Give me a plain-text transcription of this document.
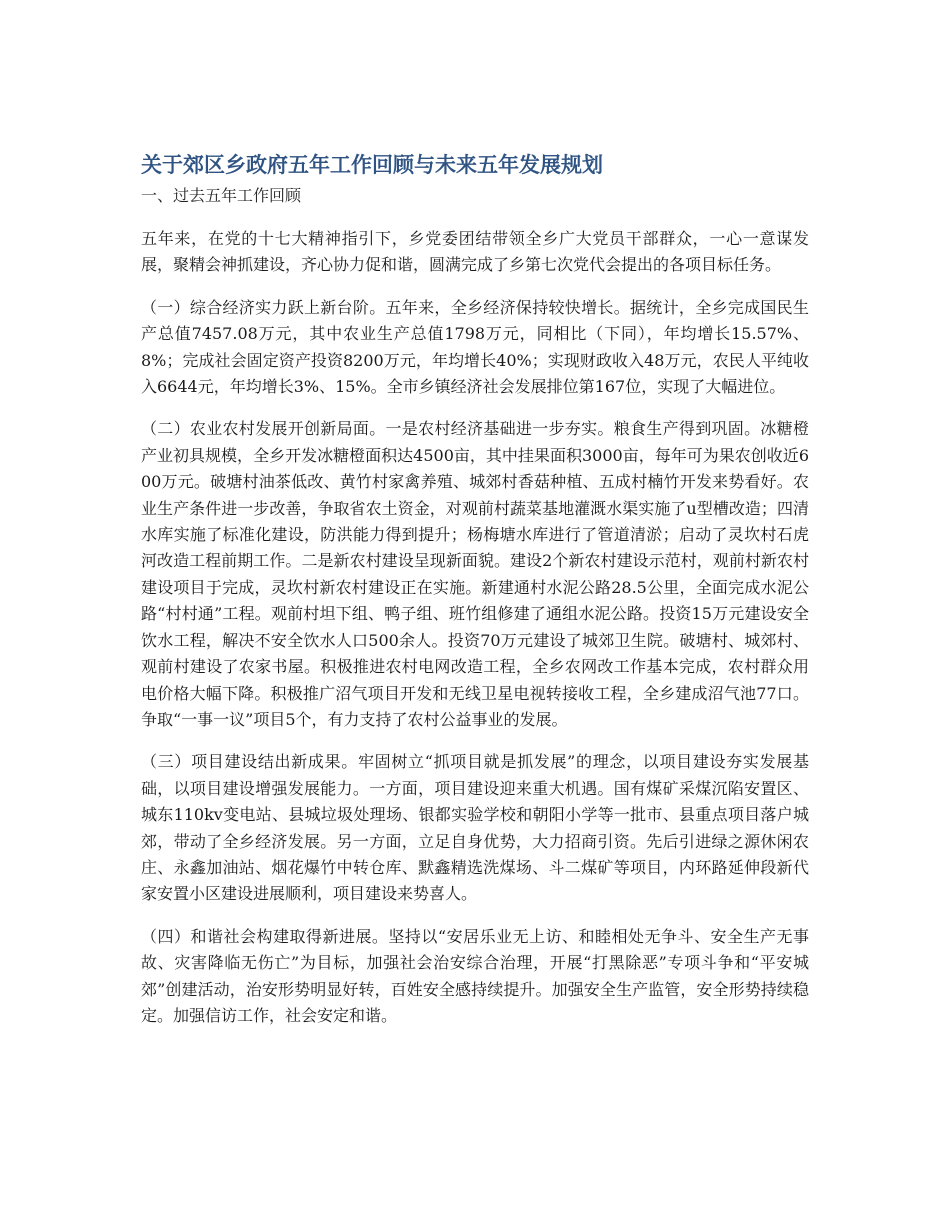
关于郊区乡政府五年工作回顾与未来五年发展规划
一、过去五年工作回顾

五年来，在党的十七大精神指引下，乡党委团结带领全乡广大党员干部群众，一心一意谋发展，聚精会神抓建设，齐心协力促和谐，圆满完成了乡第七次党代会提出的各项目标任务。

（一）综合经济实力跃上新台阶。五年来，全乡经济保持较快增长。据统计，全乡完成国民生产总值7457.08万元，其中农业生产总值1798万元，同相比（下同），年均增长15.57%、8%；完成社会固定资产投资8200万元，年均增长40%；实现财政收入48万元，农民人平纯收入6644元，年均增长3%、15%。全市乡镇经济社会发展排位第167位，实现了大幅进位。

（二）农业农村发展开创新局面。一是农村经济基础进一步夯实。粮食生产得到巩固。冰糖橙产业初具规模，全乡开发冰糖橙面积达4500亩，其中挂果面积3000亩，每年可为果农创收近600万元。破塘村油茶低改、黄竹村家禽养殖、城郊村香菇种植、五成村楠竹开发来势看好。农业生产条件进一步改善，争取省农土资金，对观前村蔬菜基地灌溉水渠实施了u型槽改造；四清水库实施了标准化建设，防洪能力得到提升；杨梅塘水库进行了管道清淤；启动了灵坎村石虎河改造工程前期工作。二是新农村建设呈现新面貌。建设2个新农村建设示范村，观前村新农村建设项目于完成，灵坎村新农村建设正在实施。新建通村水泥公路28.5公里，全面完成水泥公路“村村通”工程。观前村坦下组、鸭子组、班竹组修建了通组水泥公路。投资15万元建设安全饮水工程，解决不安全饮水人口500余人。投资70万元建设了城郊卫生院。破塘村、城郊村、观前村建设了农家书屋。积极推进农村电网改造工程，全乡农网改工作基本完成，农村群众用电价格大幅下降。积极推广沼气项目开发和无线卫星电视转接收工程，全乡建成沼气池77口。争取“一事一议”项目5个，有力支持了农村公益事业的发展。

（三）项目建设结出新成果。牢固树立“抓项目就是抓发展”的理念，以项目建设夯实发展基础，以项目建设增强发展能力。一方面，项目建设迎来重大机遇。国有煤矿采煤沉陷安置区、城东110kv变电站、县城垃圾处理场、银都实验学校和朝阳小学等一批市、县重点项目落户城郊，带动了全乡经济发展。另一方面，立足自身优势，大力招商引资。先后引进绿之源休闲农庄、永鑫加油站、烟花爆竹中转仓库、默鑫精选洗煤场、斗二煤矿等项目，内环路延伸段新代家安置小区建设进展顺利，项目建设来势喜人。

（四）和谐社会构建取得新进展。坚持以“安居乐业无上访、和睦相处无争斗、安全生产无事故、灾害降临无伤亡”为目标，加强社会治安综合治理，开展“打黑除恶”专项斗争和“平安城郊”创建活动，治安形势明显好转，百姓安全感持续提升。加强安全生产监管，安全形势持续稳定。加强信访工作，社会安定和谐。
